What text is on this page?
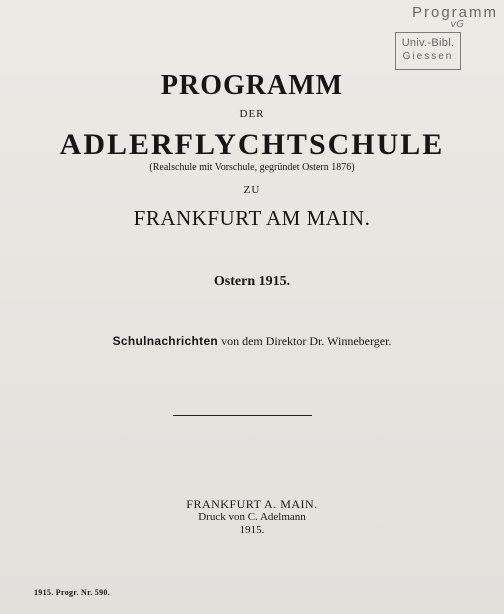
Programm
vG
Univ.-Bibl.
Giessen
PROGRAMM
DER
ADLERFLYCHTSCHULE
(Realschule mit Vorschule, gegründet Ostern 1876)
ZU
FRANKFURT AM MAIN.
Ostern 1915.
Schulnachrichten von dem Direktor Dr. Winneberger.
FRANKFURT A. MAIN.
Druck von C. Adelmann
1915.
1915. Progr. Nr. 590.
